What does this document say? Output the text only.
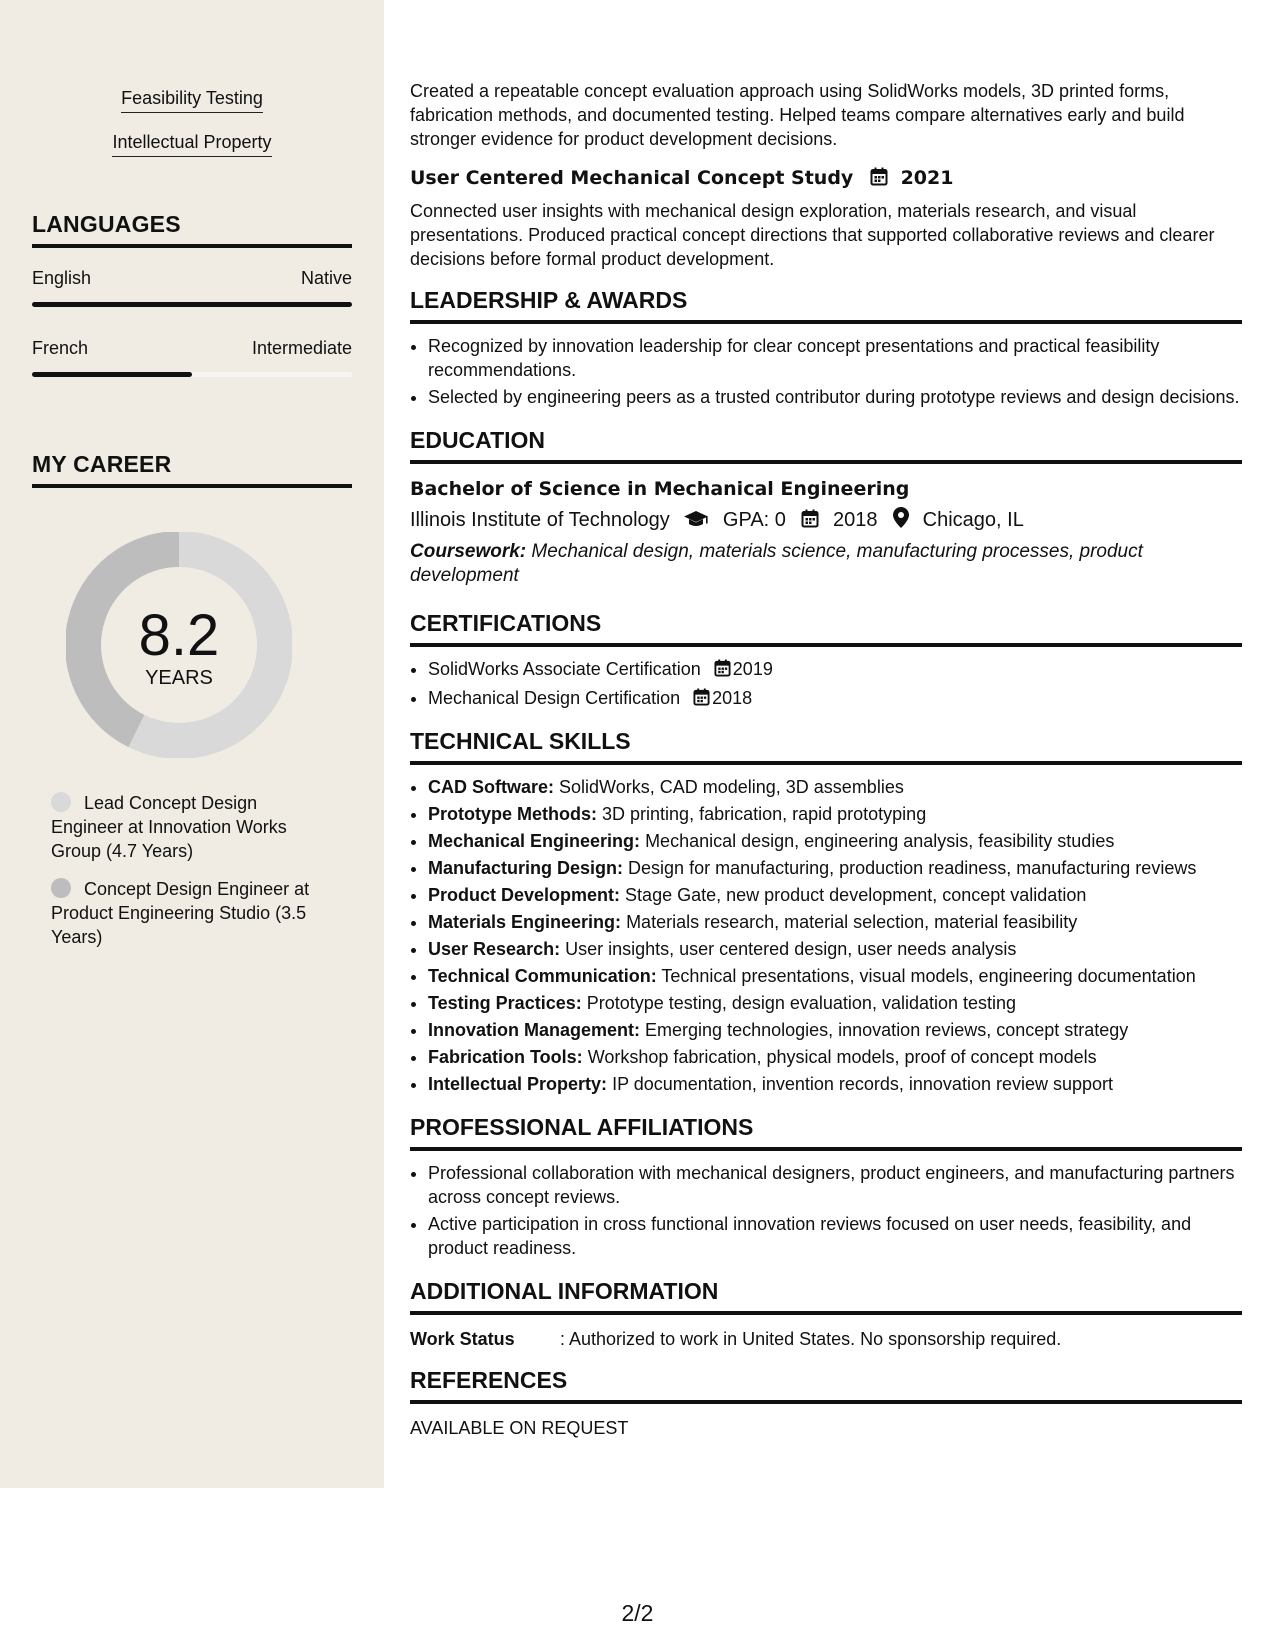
Feasibility Testing
Intellectual Property
LANGUAGES
English	Native
French	Intermediate
MY CAREER
8.2
YEARS
Lead Concept Design Engineer at Innovation Works Group (4.7 Years)
Concept Design Engineer at Product Engineering Studio (3.5 Years)

Created a repeatable concept evaluation approach using SolidWorks models, 3D printed forms, fabrication methods, and documented testing. Helped teams compare alternatives early and build stronger evidence for product development decisions.

User Centered Mechanical Concept Study 2021

Connected user insights with mechanical design exploration, materials research, and visual presentations. Produced practical concept directions that supported collaborative reviews and clearer decisions before formal product development.

LEADERSHIP & AWARDS
• Recognized by innovation leadership for clear concept presentations and practical feasibility recommendations.
• Selected by engineering peers as a trusted contributor during prototype reviews and design decisions.
EDUCATION
Bachelor of Science in Mechanical Engineering
Illinois Institute of Technology	GPA: 0 2018 Chicago, IL
Coursework: Mechanical design, materials science, manufacturing processes, product development
CERTIFICATIONS
• SolidWorks Associate Certification 2019
• Mechanical Design Certification 2018
TECHNICAL SKILLS
• CAD Software: SolidWorks, CAD modeling, 3D assemblies
• Prototype Methods: 3D printing, fabrication, rapid prototyping
• Mechanical Engineering: Mechanical design, engineering analysis, feasibility studies
• Manufacturing Design: Design for manufacturing, production readiness, manufacturing reviews
• Product Development: Stage Gate, new product development, concept validation
• Materials Engineering: Materials research, material selection, material feasibility
• User Research: User insights, user centered design, user needs analysis
• Technical Communication: Technical presentations, visual models, engineering documentation
• Testing Practices: Prototype testing, design evaluation, validation testing
• Innovation Management: Emerging technologies, innovation reviews, concept strategy
• Fabrication Tools: Workshop fabrication, physical models, proof of concept models
• Intellectual Property: IP documentation, invention records, innovation review support
PROFESSIONAL AFFILIATIONS
• Professional collaboration with mechanical designers, product engineers, and manufacturing partners across concept reviews.
• Active participation in cross functional innovation reviews focused on user needs, feasibility, and product readiness.
ADDITIONAL INFORMATION
Work Status	: Authorized to work in United States. No sponsorship required.
REFERENCES

AVAILABLE ON REQUEST

2/2
